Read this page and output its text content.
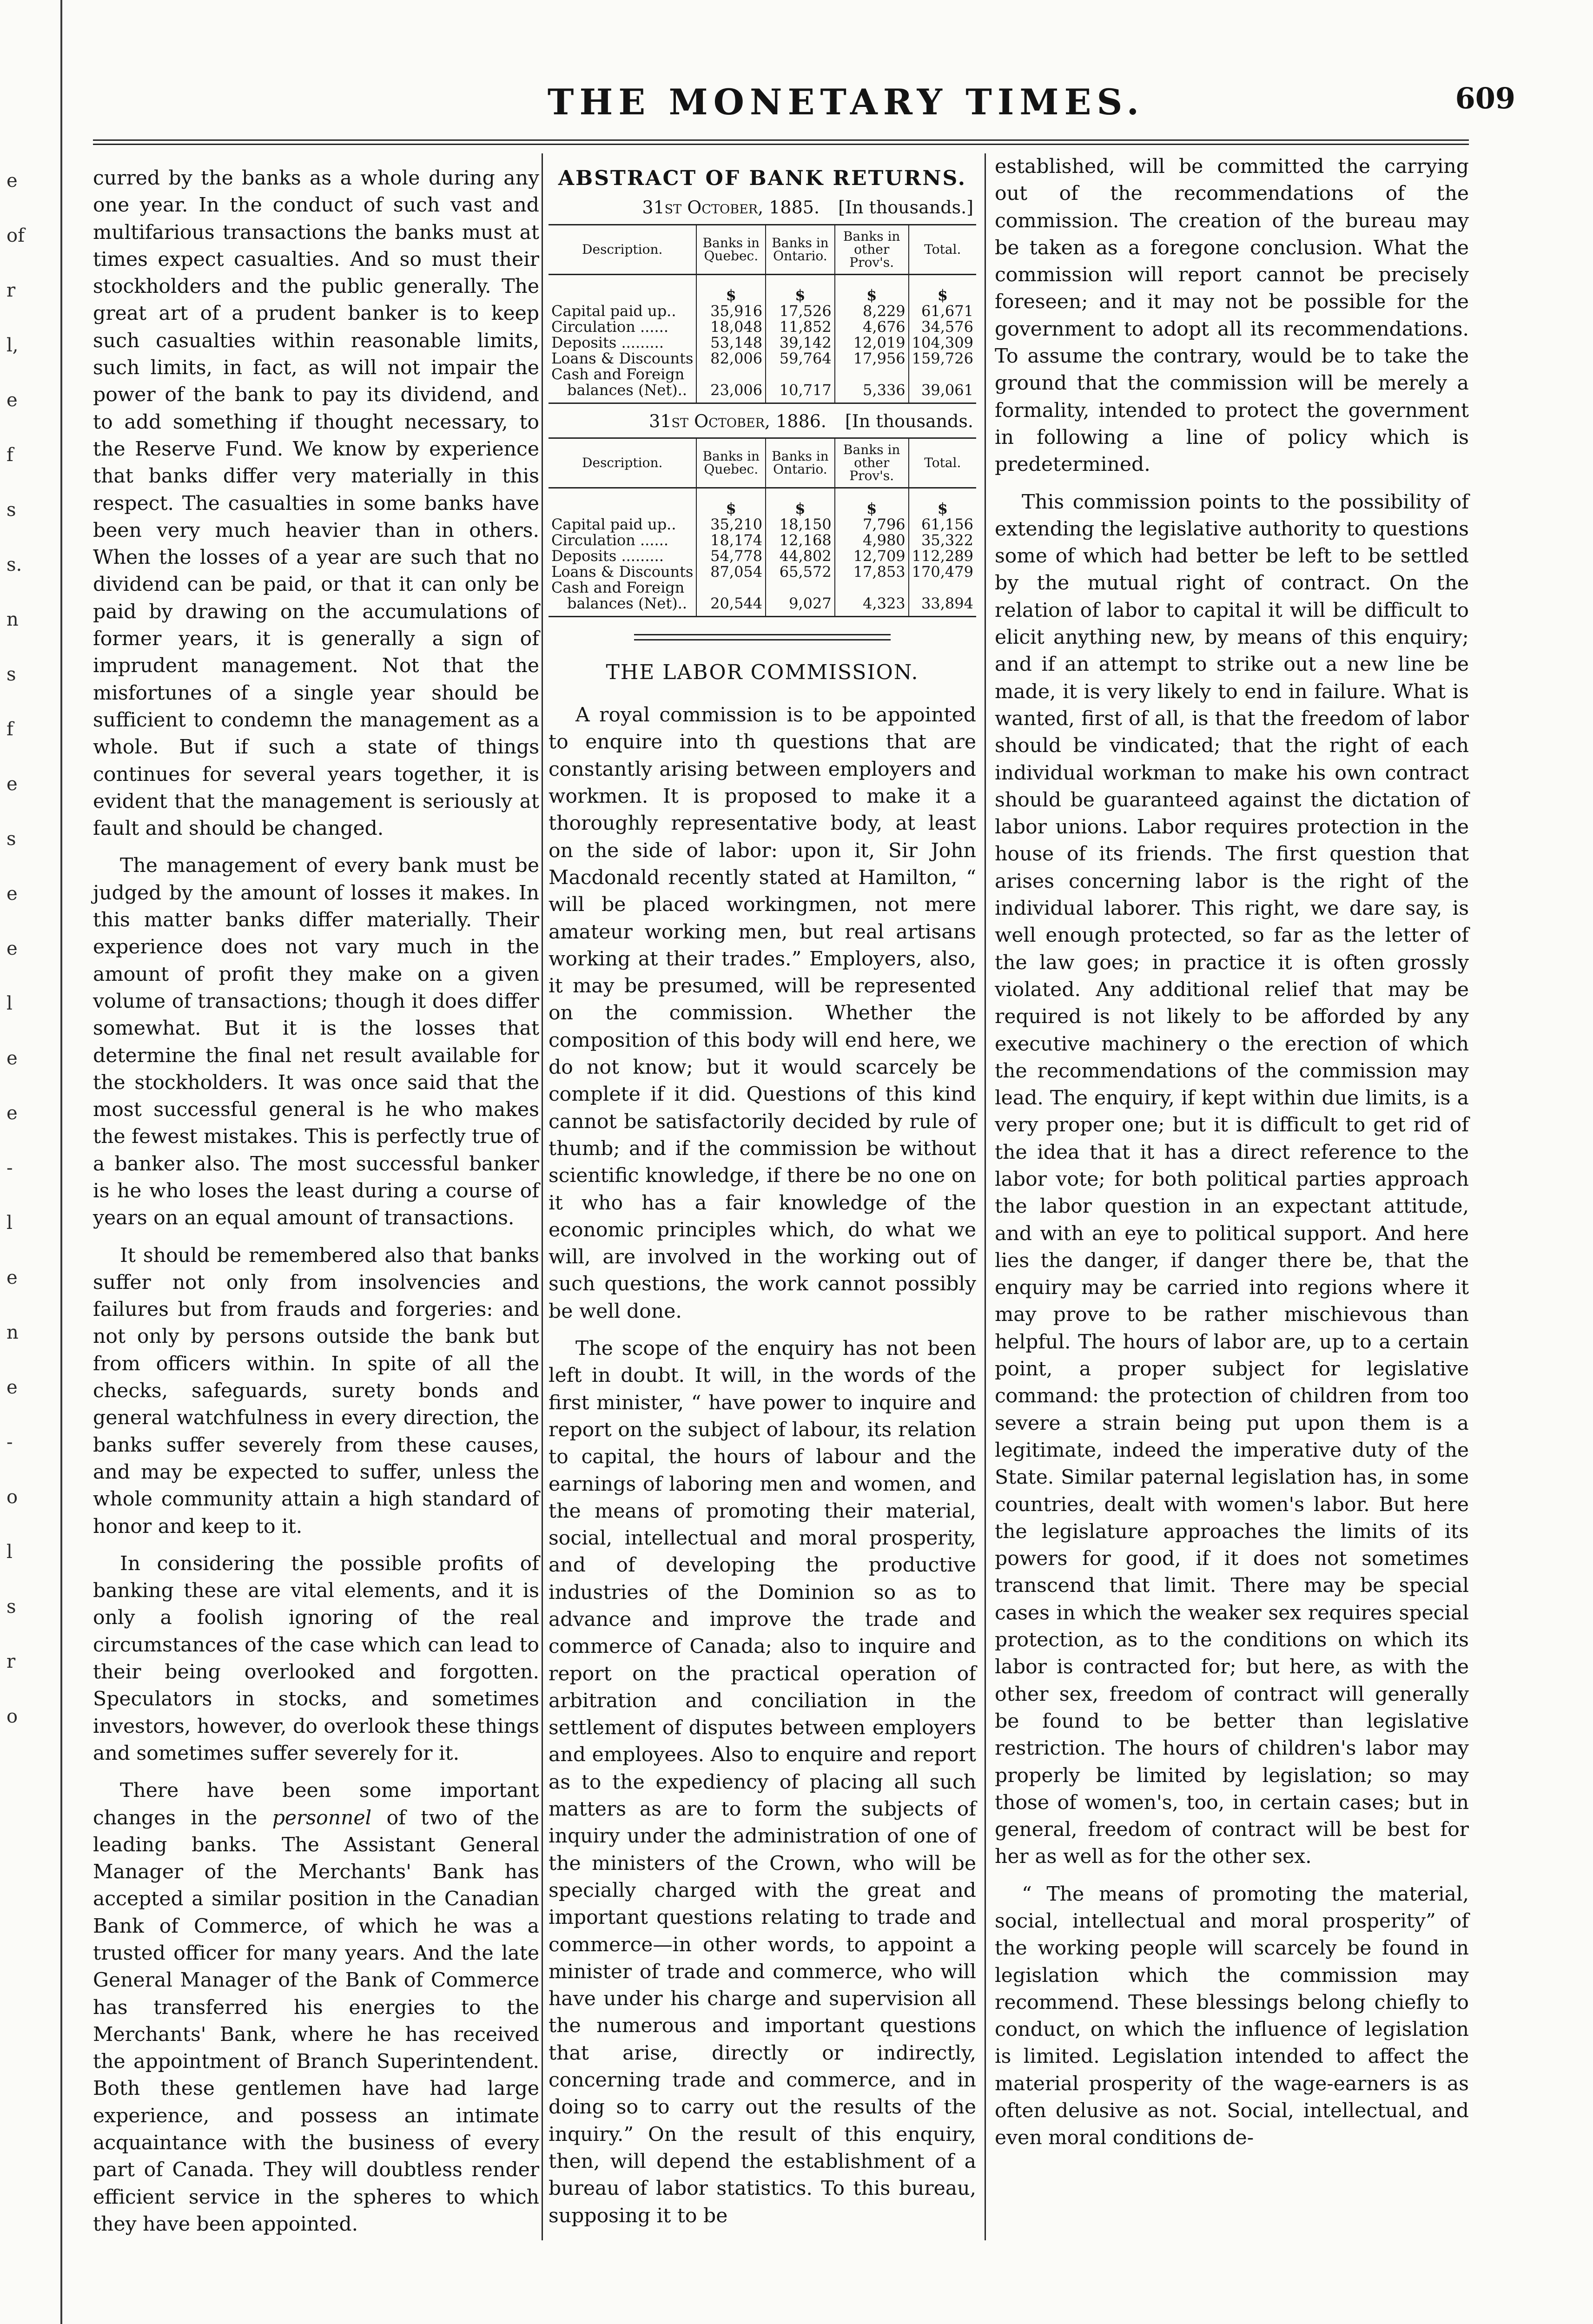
e
of
r
l,
e
f
s
s.
n
s
f
e
s
e
e
l
e
e
-
l
e
n
e
-
o
l
s
r
o
THE MONETARY TIMES.	609

curred by the banks as a whole during any one year. In the conduct of such vast and multifarious transactions the banks must at times expect casualties. And so must their stockholders and the public generally. The great art of a prudent banker is to keep such casualties within reasonable limits, such limits, in fact, as will not impair the power of the bank to pay its dividend, and to add something if thought necessary, to the Reserve Fund. We know by experience that banks differ very materially in this respect. The casualties in some banks have been very much heavier than in others. When the losses of a year are such that no dividend can be paid, or that it can only be paid by drawing on the accumulations of former years, it is generally a sign of imprudent management. Not that the misfortunes of a single year should be sufficient to condemn the management as a whole. But if such a state of things continues for several years together, it is evident that the management is seriously at fault and should be changed.

The management of every bank must be judged by the amount of losses it makes. In this matter banks differ materially. Their experience does not vary much in the amount of profit they make on a given volume of transactions; though it does differ somewhat. But it is the losses that determine the final net result available for the stockholders. It was once said that the most successful general is he who makes the fewest mistakes. This is perfectly true of a banker also. The most successful banker is he who loses the least during a course of years on an equal amount of transactions.

It should be remembered also that banks suffer not only from insolvencies and failures but from frauds and forgeries: and not only by persons outside the bank but from officers within. In spite of all the checks, safeguards, surety bonds and general watchfulness in every direction, the banks suffer severely from these causes, and may be expected to suffer, unless the whole community attain a high standard of honor and keep to it.

In considering the possible profits of banking these are vital elements, and it is only a foolish ignoring of the real circumstances of the case which can lead to their being overlooked and forgotten. Speculators in stocks, and sometimes investors, however, do overlook these things and sometimes suffer severely for it.

There have been some important changes in the personnel of two of the leading banks. The Assistant General Manager of the Merchants' Bank has accepted a similar position in the Canadian Bank of Commerce, of which he was a trusted officer for many years. And the late General Manager of the Bank of Commerce has transferred his energies to the Merchants' Bank, where he has received the appointment of Branch Superintendent. Both these gentlemen have had large experience, and possess an intimate acquaintance with the business of every part of Canada. They will doubtless render efficient service in the spheres to which they have been appointed.

ABSTRACT OF BANK RETURNS.
31st October, 1885. [In thousands.]
Description.	Banks in Quebec.	Banks in Ontario.	Banks in other Prov's.	Total.
	$	$	$	$
Capital paid up..	35,916	17,526	8,229	61,671
Circulation ......	18,048	11,852	4,676	34,576
Deposits .........	53,148	39,142	12,019	104,309
Loans & Discounts	82,006	59,764	17,956	159,726
Cash and Foreign				
balances (Net)..	23,006	10,717	5,336	39,061
31st October, 1886. [In thousands.
Description.	Banks in Quebec.	Banks in Ontario.	Banks in other Prov's.	Total.
	$	$	$	$
Capital paid up..	35,210	18,150	7,796	61,156
Circulation ......	18,174	12,168	4,980	35,322
Deposits .........	54,778	44,802	12,709	112,289
Loans & Discounts	87,054	65,572	17,853	170,479
Cash and Foreign				
balances (Net)..	20,544	9,027	4,323	33,894
THE LABOR COMMISSION.

A royal commission is to be appointed to enquire into th questions that are constantly arising between employers and workmen. It is proposed to make it a thoroughly representative body, at least on the side of labor: upon it, Sir John Macdonald recently stated at Hamilton, “ will be placed workingmen, not mere amateur working men, but real artisans working at their trades.” Employers, also, it may be presumed, will be represented on the commission. Whether the composition of this body will end here, we do not know; but it would scarcely be complete if it did. Questions of this kind cannot be satisfactorily decided by rule of thumb; and if the commission be without scientific knowledge, if there be no one on it who has a fair knowledge of the economic principles which, do what we will, are involved in the working out of such questions, the work cannot possibly be well done.

The scope of the enquiry has not been left in doubt. It will, in the words of the first minister, “ have power to inquire and report on the subject of labour, its relation to capital, the hours of labour and the earnings of laboring men and women, and the means of promoting their material, social, intellectual and moral prosperity, and of developing the productive industries of the Dominion so as to advance and improve the trade and commerce of Canada; also to inquire and report on the practical operation of arbitration and conciliation in the settlement of disputes between employers and employees. Also to enquire and report as to the expediency of placing all such matters as are to form the subjects of inquiry under the administration of one of the ministers of the Crown, who will be specially charged with the great and important questions relating to trade and commerce—in other words, to appoint a minister of trade and commerce, who will have under his charge and supervision all the numerous and important questions that arise, directly or indirectly, concerning trade and commerce, and in doing so to carry out the results of the inquiry.” On the result of this enquiry, then, will depend the establishment of a bureau of labor statistics. To this bureau, supposing it to be

established, will be committed the carrying out of the recommendations of the commission. The creation of the bureau may be taken as a foregone conclusion. What the commission will report cannot be precisely foreseen; and it may not be possible for the government to adopt all its recommendations. To assume the contrary, would be to take the ground that the commission will be merely a formality, intended to protect the government in following a line of policy which is predetermined.

This commission points to the possibility of extending the legislative authority to questions some of which had better be left to be settled by the mutual right of contract. On the relation of labor to capital it will be difficult to elicit anything new, by means of this enquiry; and if an attempt to strike out a new line be made, it is very likely to end in failure. What is wanted, first of all, is that the freedom of labor should be vindicated; that the right of each individual workman to make his own contract should be guaranteed against the dictation of labor unions. Labor requires protection in the house of its friends. The first question that arises concerning labor is the right of the individual laborer. This right, we dare say, is well enough protected, so far as the letter of the law goes; in practice it is often grossly violated. Any additional relief that may be required is not likely to be afforded by any executive machinery o the erection of which the recommendations of the commission may lead. The enquiry, if kept within due limits, is a very proper one; but it is difficult to get rid of the idea that it has a direct reference to the labor vote; for both political parties approach the labor question in an expectant attitude, and with an eye to political support. And here lies the danger, if danger there be, that the enquiry may be carried into regions where it may prove to be rather mischievous than helpful. The hours of labor are, up to a certain point, a proper subject for legislative command: the protection of children from too severe a strain being put upon them is a legitimate, indeed the imperative duty of the State. Similar paternal legislation has, in some countries, dealt with women's labor. But here the legislature approaches the limits of its powers for good, if it does not sometimes transcend that limit. There may be special cases in which the weaker sex requires special protection, as to the conditions on which its labor is contracted for; but here, as with the other sex, freedom of contract will generally be found to be better than legislative restriction. The hours of children's labor may properly be limited by legislation; so may those of women's, too, in certain cases; but in general, freedom of contract will be best for her as well as for the other sex.

“ The means of promoting the material, social, intellectual and moral prosperity” of the working people will scarcely be found in legislation which the commission may recommend. These blessings belong chiefly to conduct, on which the influence of legislation is limited. Legislation intended to affect the material prosperity of the wage-earners is as often delusive as not. Social, intellectual, and even moral conditions de-
